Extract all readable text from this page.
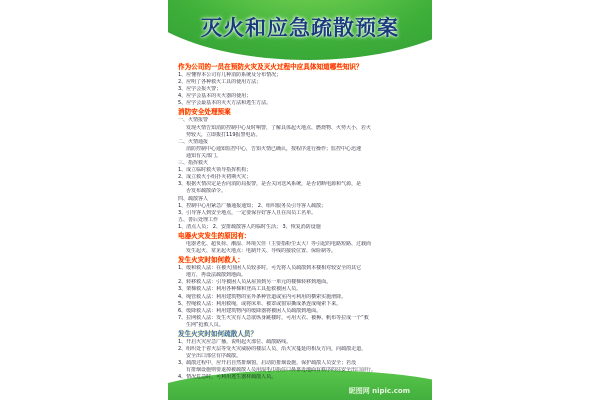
灭火和应急疏散预案
作为公司的一员在预防火灾及灭火过程中应具体知道哪些知识？
1、应懂得本公司有几种消防系统及分布情况；
2、应明了各种救火工具的使用方法；
3、应学会报火警；
4、应学会基本的灭火器的使用；
5、应学会最基本的灭火方法和逃生方法。
消防安全处理预案
一、火情报警
发现火情告知消防控制中心及时响警，了解具体起火地点、燃烧物、火势大小，若火
势较大，立即拨打119报警电话。
二、火情通报
消防控制中心通知监控中心，告知火情已确认，按程序进行操作；监控中心迅速
通知有关部门。
三、指挥救火
1、成立临时救火领导指挥机构；
2、成立救火小组扑灭初期火灾；
3、根据火情决定是否向消防局报警，是否关闭送风系统，是否切断电源和气源，是
否发布疏散命令。
四、疏散客人
1、控制中心用紧急广播通报通知； 2、组织服务员引导客人疏散；
3、引导客人到安全地点，一定要保存好客人且在岗员工名单。
五、善后处理工作
1、清点人员； 2、安排疏散客人的临时生活； 3、恢复消防设施
电器火灾发生的原因有：
电器老化、超负荷、潮湿、环境欠佳（主要指粉尘太大）等引起的电路短路、过载而
发生起火、常见起火地点：电制开关、导线的接驳位置、保险制等。
发生火灾时如何救人：
1、缓和救人法：在被火围困人员较多时，可先将人员疏散到本楼相对较安全的其它
地方，再设法疏散到地面。
2、转移救人法：引导被困人员从屋顶到另一单元的楼梯转移到地面。
3、架梯救人法：利用各种梯和登高工具抢救被困人员。
4、绳管救人法：利用建筑物的室外条种管道或室内可利用的横索实施滑降。
5、控绳救人法：利用救绳，或将床单、被罩或窗帘撕成条连成绳索下来。
6、缓降救人法：利用建筑物内的缓降器将被困人员疏散到地面。
7、拉网救人法：发生火灾有人急欲纵身跳楼时，可用大衣、被褥、帆布等拉成一个“救
生网”抢救人员。
发生火灾时如何疏散人员？
1、开启火灾应急广播，说明起火部位、疏散路线。
2、组织处于着火层等受火灾威胁的楼层人员，沿火灾蔓延的相反方向，向疏散走道、
安全出口部位有序疏散。
3、疏散过程中，应开启自然排烟窗，启动防排烟设施，保护疏散人员安全；若没
有排烟设施则要退掉被疏散人员用湿毛巾捂住口鼻靠近地面有秩序的往安全出口前行。
4、情况危急时，可利用逃生器材疏散人员。
昵图网 nipic.com
